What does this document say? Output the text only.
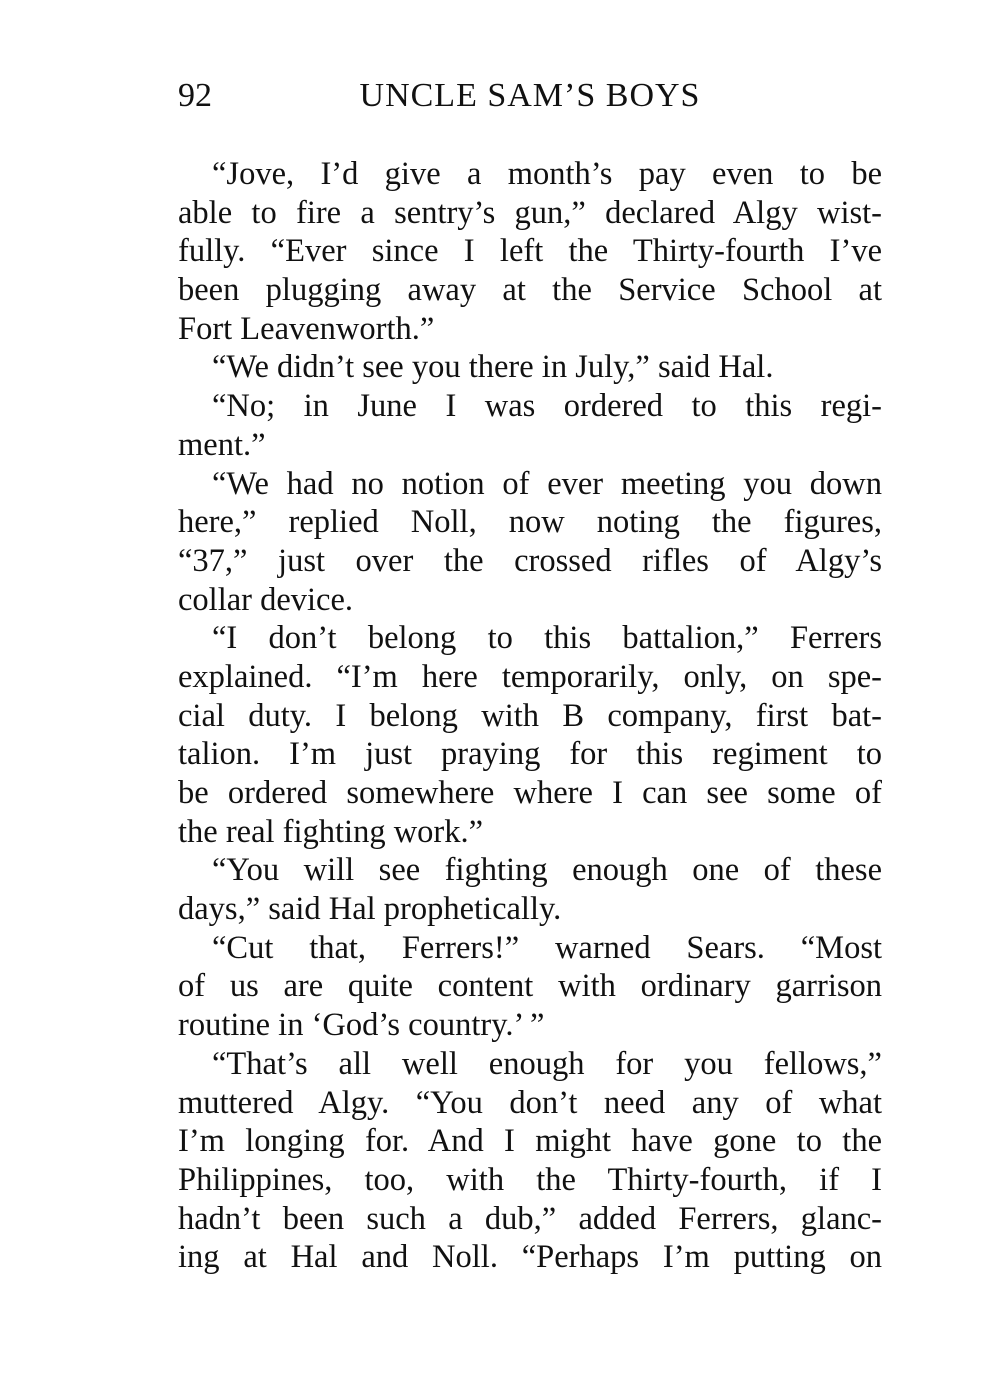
92	UNCLE SAM’S BOYS
“Jove, I’d give a month’s pay even to be
able to fire a sentry’s gun,” declared Algy wist-
fully. “Ever since I left the Thirty-fourth I’ve
been plugging away at the Service School at
Fort Leavenworth.”
“We didn’t see you there in July,” said Hal.
“No; in June I was ordered to this regi-
ment.”
“We had no notion of ever meeting you down
here,” replied Noll, now noting the figures,
“37,” just over the crossed rifles of Algy’s
collar device.
“I don’t belong to this battalion,” Ferrers
explained. “I’m here temporarily, only, on spe-
cial duty. I belong with B company, first bat-
talion. I’m just praying for this regiment to
be ordered somewhere where I can see some of
the real fighting work.”
“You will see fighting enough one of these
days,” said Hal prophetically.
“Cut that, Ferrers!” warned Sears. “Most
of us are quite content with ordinary garrison
routine in ‘God’s country.’ ”
“That’s all well enough for you fellows,”
muttered Algy. “You don’t need any of what
I’m longing for. And I might have gone to the
Philippines, too, with the Thirty-fourth, if I
hadn’t been such a dub,” added Ferrers, glanc-
ing at Hal and Noll. “Perhaps I’m putting on
